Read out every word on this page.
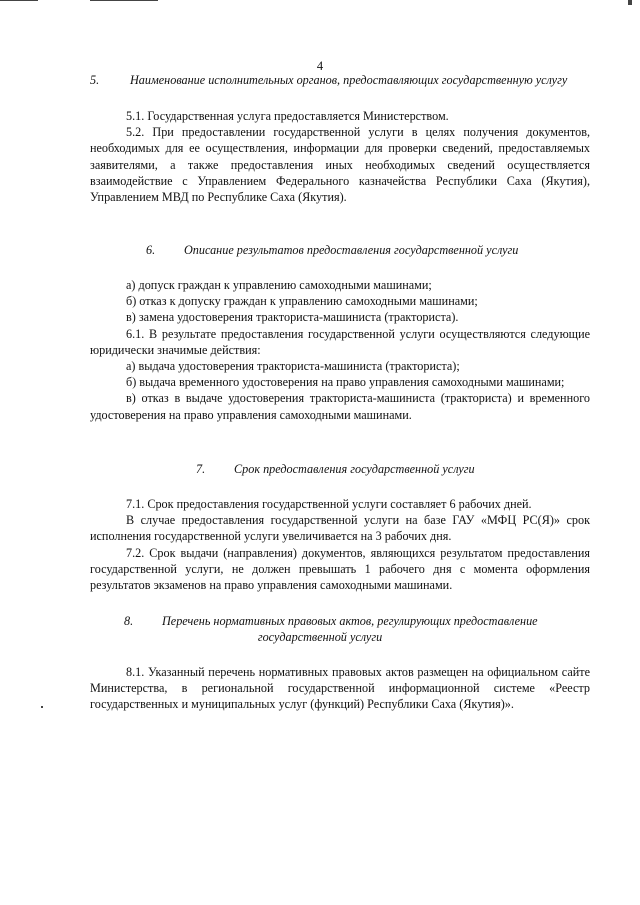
4
5.	Наименование исполнительных органов, предоставляющих государственную услугу

5.1. Государственная услуга предоставляется Министерством.

5.2. При предоставлении государственной услуги в целях получения документов, необходимых для ее осуществления, информации для проверки сведений, предоставляемых заявителями, а также предоставления иных необходимых сведений осуществляется взаимодействие с Управлением Федерального казначейства Республики Саха (Якутия), Управлением МВД по Республике Саха (Якутия).

6. Описание результатов предоставления государственной услуги

а) допуск граждан к управлению самоходными машинами;

б) отказ к допуску граждан к управлению самоходными машинами;

в) замена удостоверения тракториста-машиниста (тракториста).

6.1. В результате предоставления государственной услуги осуществляются следующие юридически значимые действия:

а) выдача удостоверения тракториста-машиниста (тракториста);

б) выдача временного удостоверения на право управления самоходными машинами;

в) отказ в выдаче удостоверения тракториста-машиниста (тракториста) и временного удостоверения на право управления самоходными машинами.

7. Срок предоставления государственной услуги

7.1. Срок предоставления государственной услуги составляет 6 рабочих дней.

В случае предоставления государственной услуги на базе ГАУ «МФЦ РС(Я)» срок исполнения государственной услуги увеличивается на 3 рабочих дня.

7.2. Срок выдачи (направления) документов, являющихся результатом предоставления государственной услуги, не должен превышать 1 рабочего дня с момента оформления результатов экзаменов на право управления самоходными машинами.

8. Перечень нормативных правовых актов, регулирующих предоставление
государственной услуги

8.1. Указанный перечень нормативных правовых актов размещен на официальном сайте Министерства, в региональной государственной информационной системе «Реестр государственных и муниципальных услуг (функций) Республики Саха (Якутия)».
